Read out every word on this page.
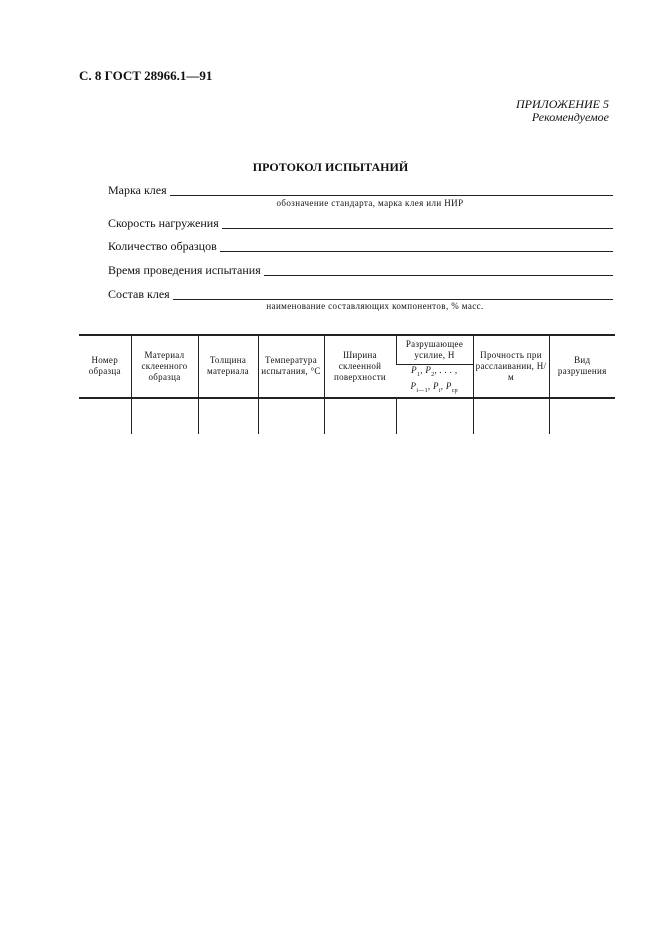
С. 8 ГОСТ 28966.1—91
ПРИЛОЖЕНИЕ 5
Рекомендуемое
ПРОТОКОЛ ИСПЫТАНИЙ
Марка клея
обозначение стандарта, марка клея или НИР
Скорость нагружения
Количество образцов
Время проведения испытания
Состав клея
наименование составляющих компонентов, % масс.
Номер образца	Материал склеенного образца	Толщина материала	Температура испытания, °С	Ширина склеенной поверхности	Разрушающее усилие, Н	Прочность при расслаивании, Н/м	Вид разрушения
					$P_1$, $P_2$, . . . ,
$P_{i—1}$, $P_i$, $P_{ср}$
